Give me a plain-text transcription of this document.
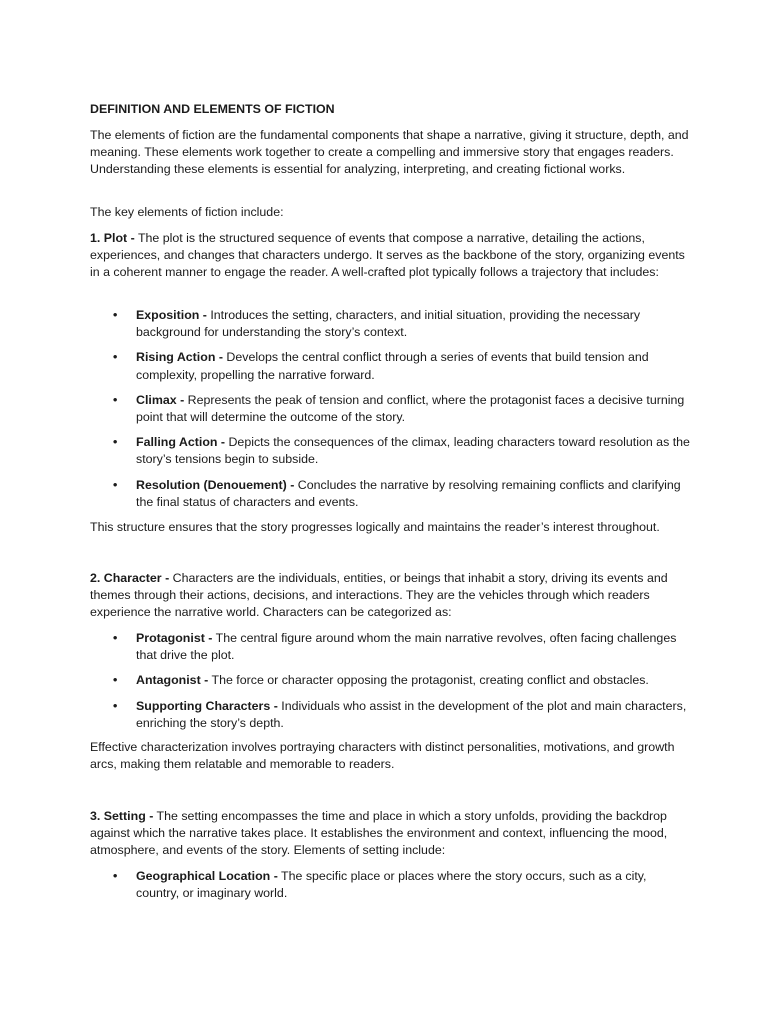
DEFINITION AND ELEMENTS OF FICTION

The elements of fiction are the fundamental components that shape a narrative, giving it structure, depth, and meaning. These elements work together to create a compelling and immersive story that engages readers. Understanding these elements is essential for analyzing, interpreting, and creating fictional works.

The key elements of fiction include:

1. Plot - The plot is the structured sequence of events that compose a narrative, detailing the actions, experiences, and changes that characters undergo. It serves as the backbone of the story, organizing events in a coherent manner to engage the reader. A well-crafted plot typically follows a trajectory that includes:

• Exposition - Introduces the setting, characters, and initial situation, providing the necessary background for understanding the story’s context.
• Rising Action - Develops the central conflict through a series of events that build tension and complexity, propelling the narrative forward.
• Climax - Represents the peak of tension and conflict, where the protagonist faces a decisive turning point that will determine the outcome of the story.
• Falling Action - Depicts the consequences of the climax, leading characters toward resolution as the story’s tensions begin to subside.
• Resolution (Denouement) - Concludes the narrative by resolving remaining conflicts and clarifying the final status of characters and events.

This structure ensures that the story progresses logically and maintains the reader’s interest throughout.

2. Character - Characters are the individuals, entities, or beings that inhabit a story, driving its events and themes through their actions, decisions, and interactions. They are the vehicles through which readers experience the narrative world. Characters can be categorized as:

• Protagonist - The central figure around whom the main narrative revolves, often facing challenges that drive the plot.
• Antagonist - The force or character opposing the protagonist, creating conflict and obstacles.
• Supporting Characters - Individuals who assist in the development of the plot and main characters, enriching the story’s depth.

Effective characterization involves portraying characters with distinct personalities, motivations, and growth arcs, making them relatable and memorable to readers.

3. Setting - The setting encompasses the time and place in which a story unfolds, providing the backdrop against which the narrative takes place. It establishes the environment and context, influencing the mood, atmosphere, and events of the story. Elements of setting include:

• Geographical Location - The specific place or places where the story occurs, such as a city, country, or imaginary world.
